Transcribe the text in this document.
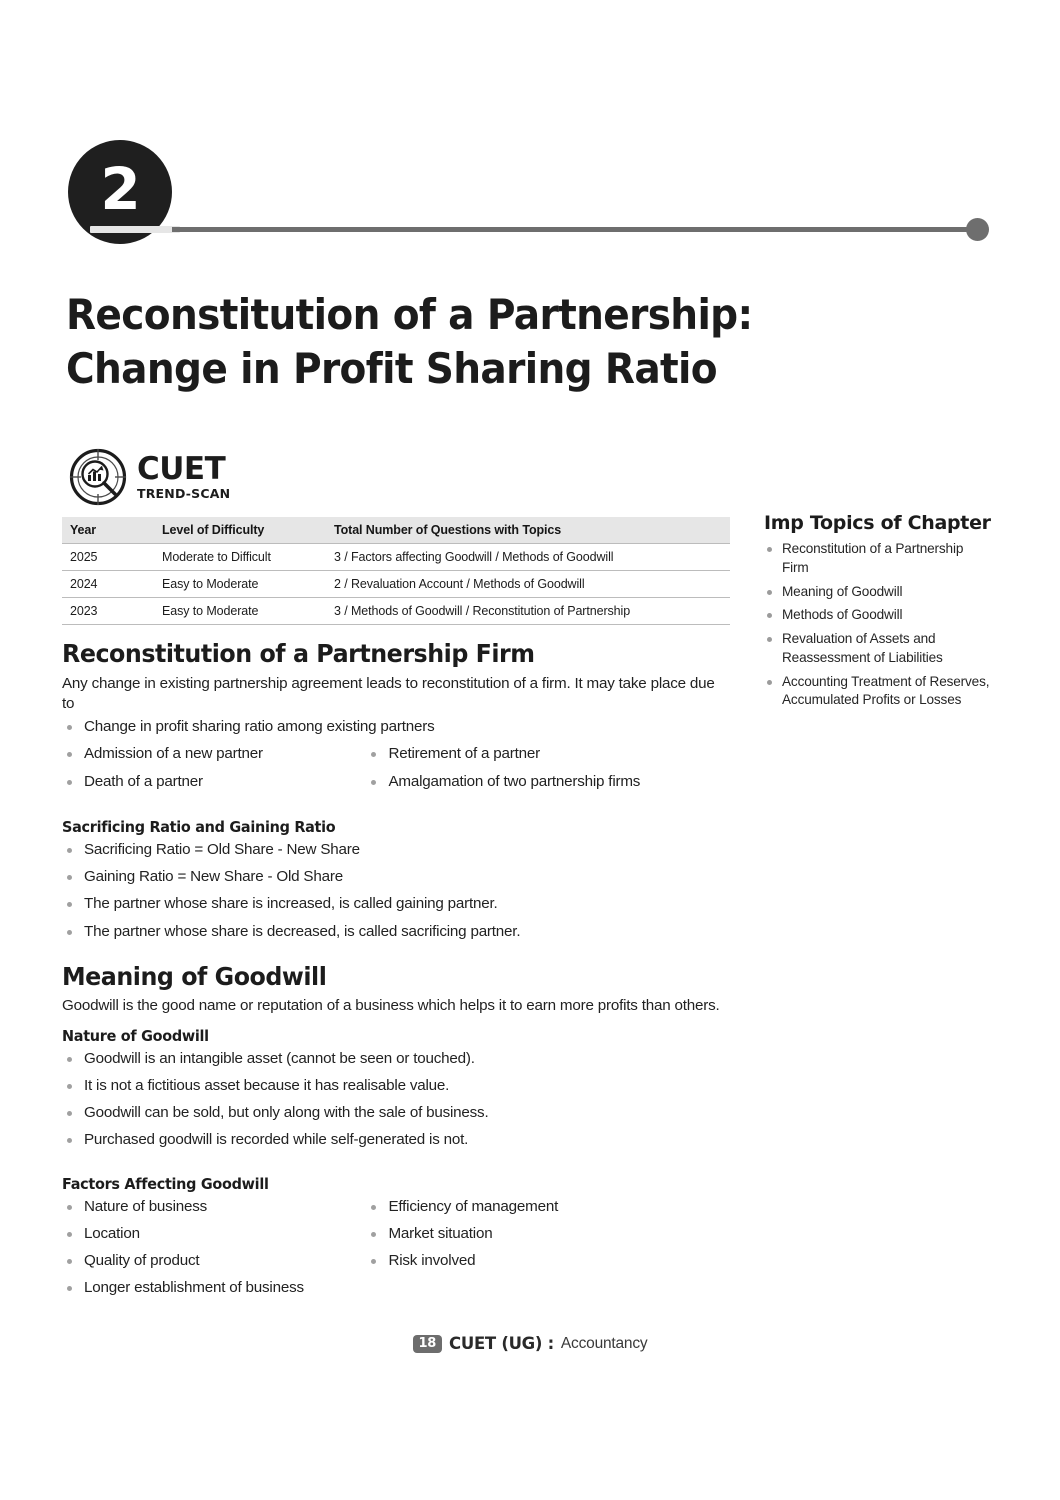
2
Reconstitution of a Partnership:
Change in Profit Sharing Ratio
CUET
TREND-SCAN
Year	Level of Difficulty	Total Number of Questions with Topics
2025	Moderate to Difficult	3 / Factors affecting Goodwill / Methods of Goodwill
2024	Easy to Moderate	2 / Revaluation Account / Methods of Goodwill
2023	Easy to Moderate	3 / Methods of Goodwill / Reconstitution of Partnership
Imp Topics of Chapter
Reconstitution of a Partnership Firm
Meaning of Goodwill
Methods of Goodwill
Revaluation of Assets and Reassessment of Liabilities
Accounting Treatment of Reserves, Accumulated Profits or Losses
Reconstitution of a Partnership Firm

Any change in existing partnership agreement leads to reconstitution of a firm. It may take place due to

Change in profit sharing ratio among existing partners
Admission of a new partner	Retirement of a partner Death of a partner	Amalgamation of two partnership firms
Sacrificing Ratio and Gaining Ratio
Sacrificing Ratio = Old Share - New Share
Gaining Ratio = New Share - Old Share
The partner whose share is increased, is called gaining partner.
The partner whose share is decreased, is called sacrificing partner.
Meaning of Goodwill

Goodwill is the good name or reputation of a business which helps it to earn more profits than others.

Nature of Goodwill
Goodwill is an intangible asset (cannot be seen or touched).
It is not a fictitious asset because it has realisable value.
Goodwill can be sold, but only along with the sale of business.
Purchased goodwill is recorded while self-generated is not.
Factors Affecting Goodwill
Nature of business	Efficiency of management Location	Market situation Quality of product	Risk involved
Longer establishment of business
18 CUET (UG) : Accountancy
